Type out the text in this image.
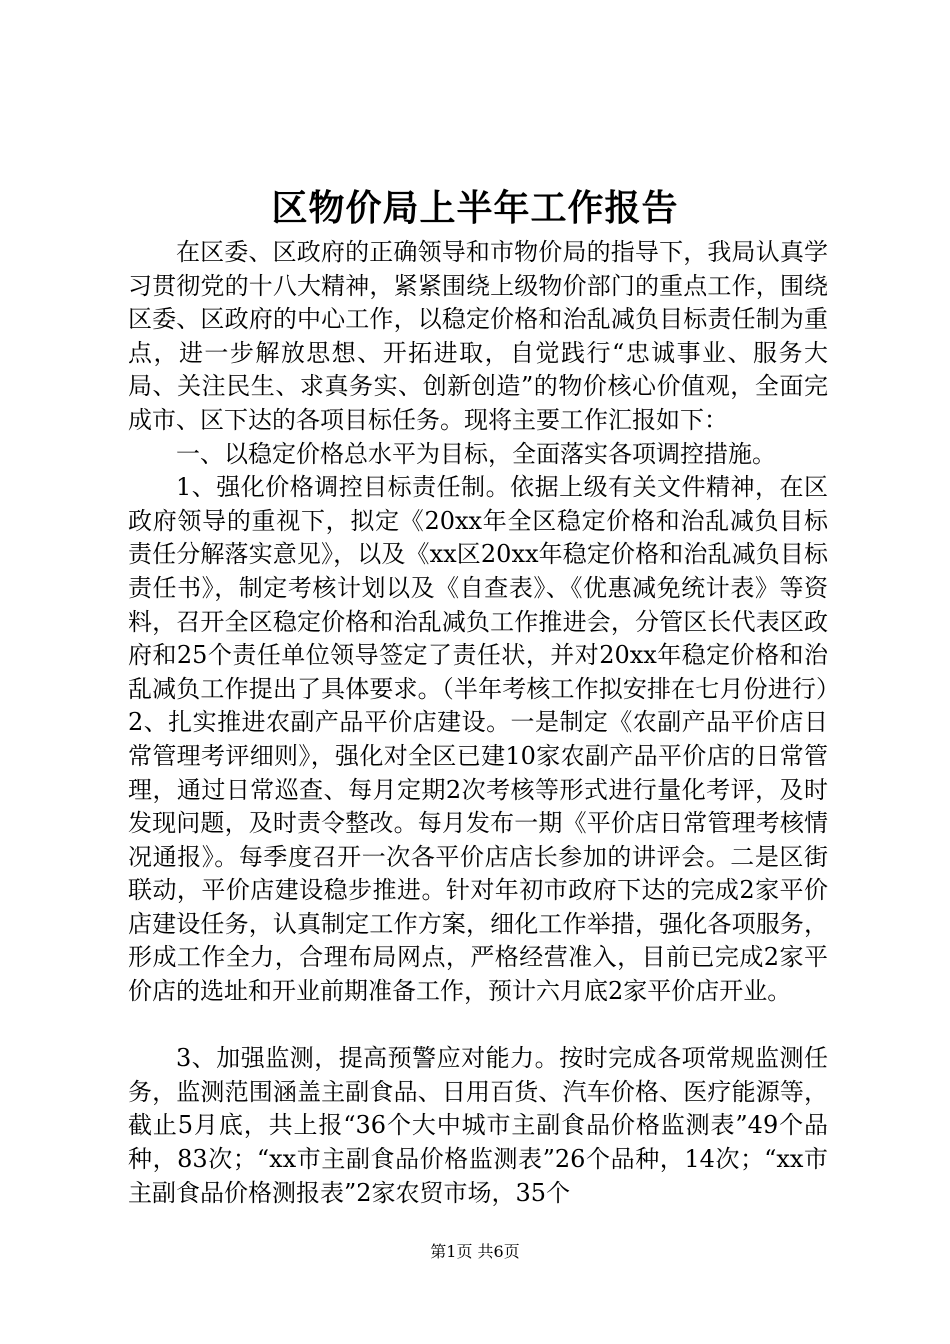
区物价局上半年工作报告

在区委、区政府的正确领导和市物价局的指导下，我局认真学习贯彻党的十八大精神，紧紧围绕上级物价部门的重点工作，围绕区委、区政府的中心工作，以稳定价格和治乱减负目标责任制为重点，进一步解放思想、开拓进取，自觉践行“忠诚事业、服务大局、关注民生、求真务实、创新创造”的物价核心价值观，全面完成市、区下达的各项目标任务。现将主要工作汇报如下：

一、以稳定价格总水平为目标，全面落实各项调控措施。

1、强化价格调控目标责任制。依据上级有关文件精神，在区政府领导的重视下，拟定《20xx年全区稳定价格和治乱减负目标责任分解落实意见》，以及《xx区20xx年稳定价格和治乱减负目标责任书》，制定考核计划以及《自查表》、《优惠减免统计表》等资料，召开全区稳定价格和治乱减负工作推进会，分管区长代表区政府和25个责任单位领导签定了责任状，并对20xx年稳定价格和治乱减负工作提出了具体要求。（半年考核工作拟安排在七月份进行）2、扎实推进农副产品平价店建设。一是制定《农副产品平价店日常管理考评细则》，强化对全区已建10家农副产品平价店的日常管理，通过日常巡查、每月定期2次考核等形式进行量化考评，及时发现问题，及时责令整改。每月发布一期《平价店日常管理考核情况通报》。每季度召开一次各平价店店长参加的讲评会。二是区街联动，平价店建设稳步推进。针对年初市政府下达的完成2家平价店建设任务，认真制定工作方案，细化工作举措，强化各项服务，形成工作全力，合理布局网点，严格经营准入，目前已完成2家平价店的选址和开业前期准备工作，预计六月底2家平价店开业。

3、加强监测，提高预警应对能力。按时完成各项常规监测任务，监测范围涵盖主副食品、日用百货、汽车价格、医疗能源等，截止5月底，共上报“36个大中城市主副食品价格监测表”49个品种，83次；“xx市主副食品价格监测表”26个品种，14次；“xx市主副食品价格测报表”2家农贸市场，35个

第1页 共6页
